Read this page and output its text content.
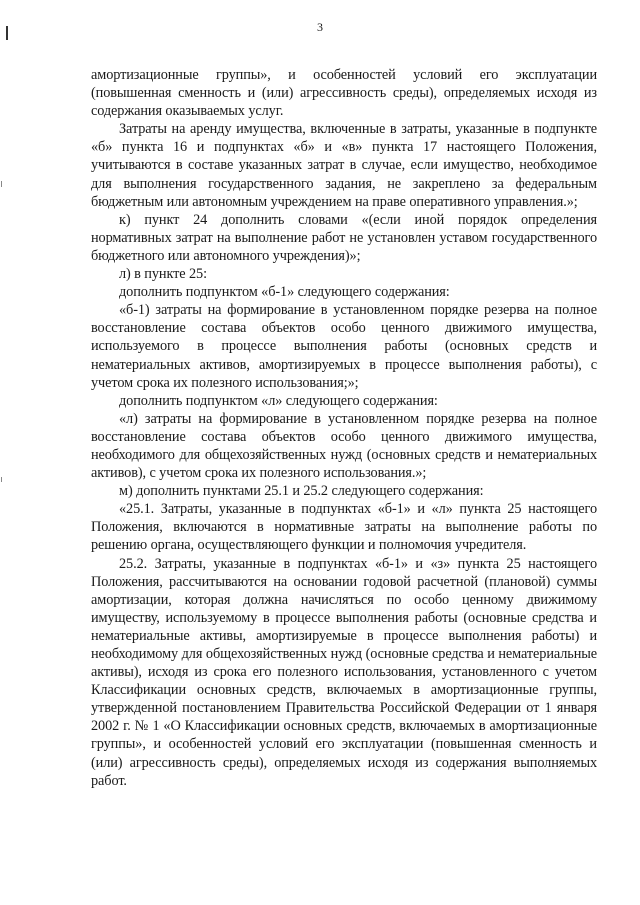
3

амортизационные группы», и особенностей условий его эксплуатации (повышенная сменность и (или) агрессивность среды), определяемых исходя из содержания оказываемых услуг.

Затраты на аренду имущества, включенные в затраты, указанные в подпункте «б» пункта 16 и подпунктах «б» и «в» пункта 17 настоящего Положения, учитываются в составе указанных затрат в случае, если имущество, необходимое для выполнения государственного задания, не закреплено за федеральным бюджетным или автономным учреждением на праве оперативного управления.»;

к) пункт 24 дополнить словами «(если иной порядок определения нормативных затрат на выполнение работ не установлен уставом государственного бюджетного или автономного учреждения)»;

л) в пункте 25:

дополнить подпунктом «б-1» следующего содержания:

«б-1) затраты на формирование в установленном порядке резерва на полное восстановление состава объектов особо ценного движимого имущества, используемого в процессе выполнения работы (основных средств и нематериальных активов, амортизируемых в процессе выполнения работы), с учетом срока их полезного использования;»;

дополнить подпунктом «л» следующего содержания:

«л) затраты на формирование в установленном порядке резерва на полное восстановление состава объектов особо ценного движимого имущества, необходимого для общехозяйственных нужд (основных средств и нематериальных активов), с учетом срока их полезного использования.»;

м) дополнить пунктами 25.1 и 25.2 следующего содержания:

«25.1. Затраты, указанные в подпунктах «б-1» и «л» пункта 25 настоящего Положения, включаются в нормативные затраты на выполнение работы по решению органа, осуществляющего функции и полномочия учредителя.

25.2. Затраты, указанные в подпунктах «б-1» и «з» пункта 25 настоящего Положения, рассчитываются на основании годовой расчетной (плановой) суммы амортизации, которая должна начисляться по особо ценному движимому имуществу, используемому в процессе выполнения работы (основные средства и нематериальные активы, амортизируемые в процессе выполнения работы) и необходимому для общехозяйственных нужд (основные средства и нематериальные активы), исходя из срока его полезного использования, установленного с учетом Классификации основных средств, включаемых в амортизационные группы, утвержденной постановлением Правительства Российской Федерации от 1 января 2002 г. № 1 «О Классификации основных средств, включаемых в амортизационные группы», и особенностей условий его эксплуатации (повышенная сменность и (или) агрессивность среды), определяемых исходя из содержания выполняемых работ.
